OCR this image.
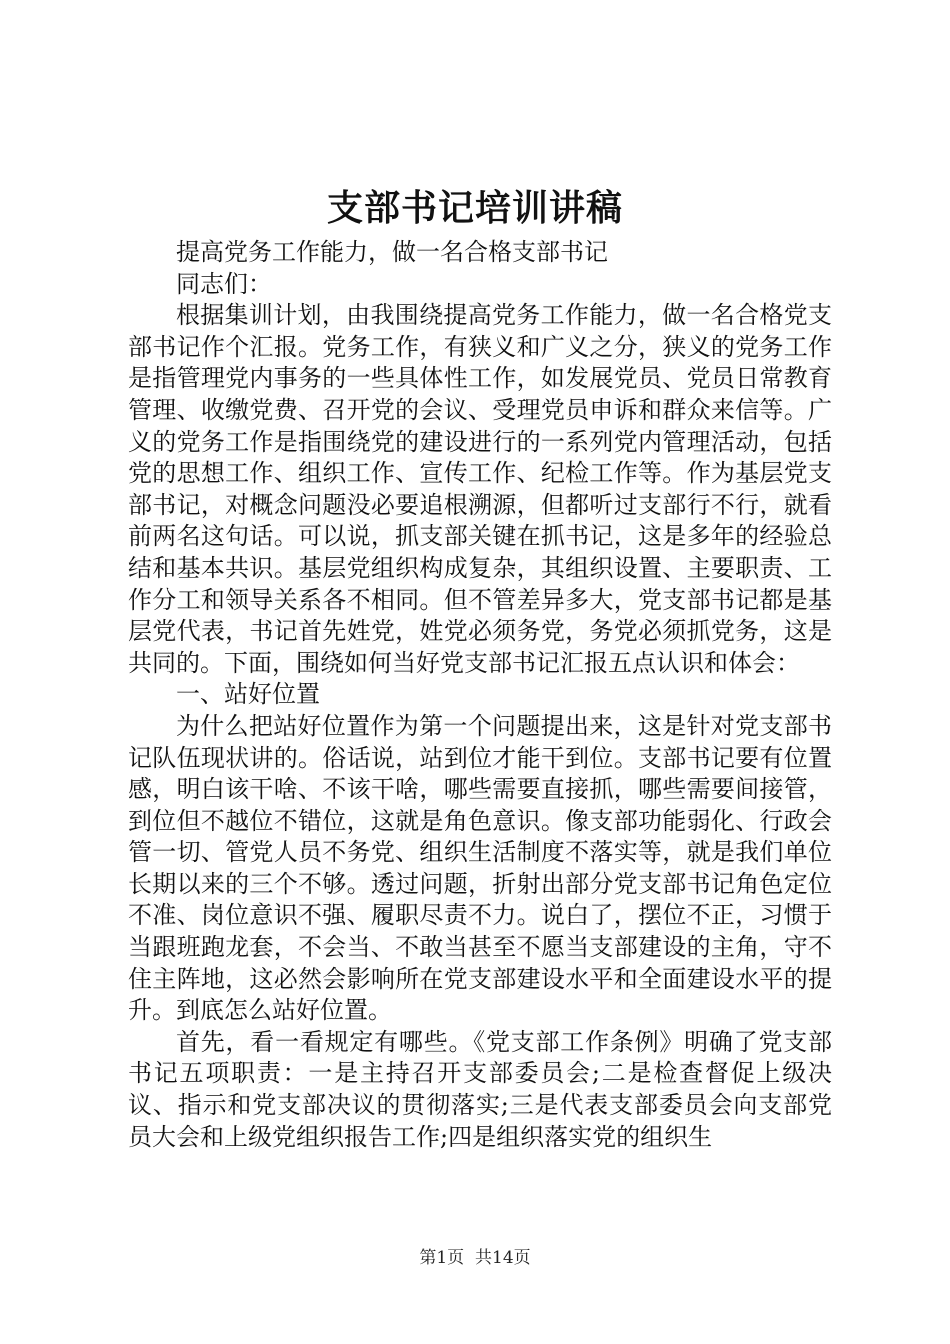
支部书记培训讲稿

提高党务工作能力，做一名合格支部书记

同志们：

根据集训计划，由我围绕提高党务工作能力，做一名合格党支部书记作个汇报。党务工作，有狭义和广义之分，狭义的党务工作是指管理党内事务的一些具体性工作，如发展党员、党员日常教育管理、收缴党费、召开党的会议、受理党员申诉和群众来信等。广义的党务工作是指围绕党的建设进行的一系列党内管理活动，包括党的思想工作、组织工作、宣传工作、纪检工作等。作为基层党支部书记，对概念问题没必要追根溯源，但都听过支部行不行，就看前两名这句话。可以说，抓支部关键在抓书记，这是多年的经验总结和基本共识。基层党组织构成复杂，其组织设置、主要职责、工作分工和领导关系各不相同。但不管差异多大，党支部书记都是基层党代表，书记首先姓党，姓党必须务党，务党必须抓党务，这是共同的。下面，围绕如何当好党支部书记汇报五点认识和体会：

一、站好位置

为什么把站好位置作为第一个问题提出来，这是针对党支部书记队伍现状讲的。俗话说，站到位才能干到位。支部书记要有位置感，明白该干啥、不该干啥，哪些需要直接抓，哪些需要间接管，到位但不越位不错位，这就是角色意识。像支部功能弱化、行政会管一切、管党人员不务党、组织生活制度不落实等，就是我们单位长期以来的三个不够。透过问题，折射出部分党支部书记角色定位不准、岗位意识不强、履职尽责不力。说白了，摆位不正，习惯于当跟班跑龙套，不会当、不敢当甚至不愿当支部建设的主角，守不住主阵地，这必然会影响所在党支部建设水平和全面建设水平的提升。到底怎么站好位置。

首先，看一看规定有哪些。《党支部工作条例》明确了党支部书记五项职责：一是主持召开支部委员会;二是检查督促上级决议、指示和党支部决议的贯彻落实;三是代表支部委员会向支部党员大会和上级党组织报告工作;四是组织落实党的组织生

第1页 共14页
